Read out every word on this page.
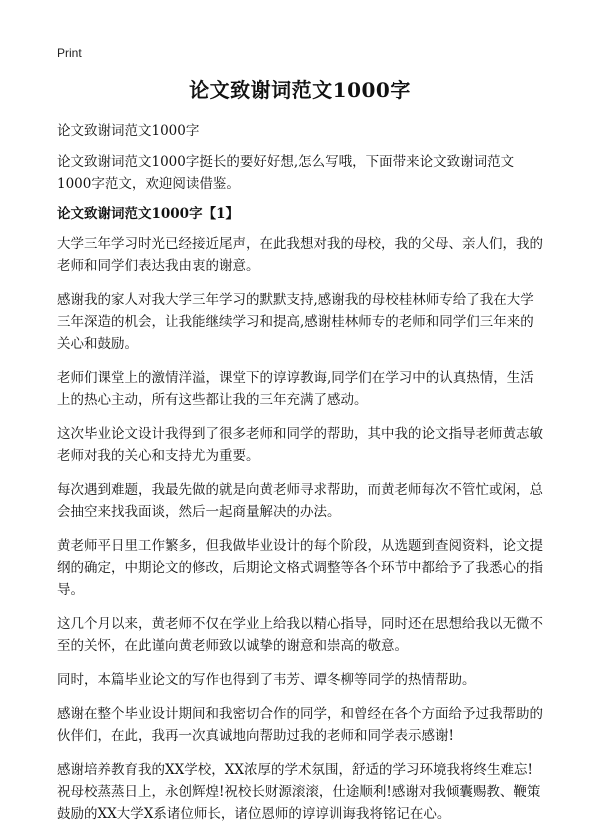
Print
论文致谢词范文1000字

论文致谢词范文1000字

论文致谢词范文1000字挺长的要好好想,怎么写哦，下面带来论文致谢词范文1000字范文，欢迎阅读借鉴。

论文致谢词范文1000字【1】

大学三年学习时光已经接近尾声，在此我想对我的母校，我的父母、亲人们，我的老师和同学们表达我由衷的谢意。

感谢我的家人对我大学三年学习的默默支持,感谢我的母校桂林师专给了我在大学三年深造的机会，让我能继续学习和提高,感谢桂林师专的老师和同学们三年来的关心和鼓励。

老师们课堂上的激情洋溢，课堂下的谆谆教诲,同学们在学习中的认真热情，生活上的热心主动，所有这些都让我的三年充满了感动。

这次毕业论文设计我得到了很多老师和同学的帮助，其中我的论文指导老师黄志敏老师对我的关心和支持尤为重要。

每次遇到难题，我最先做的就是向黄老师寻求帮助，而黄老师每次不管忙或闲，总会抽空来找我面谈，然后一起商量解决的办法。

黄老师平日里工作繁多，但我做毕业设计的每个阶段，从选题到查阅资料，论文提纲的确定，中期论文的修改，后期论文格式调整等各个环节中都给予了我悉心的指导。

这几个月以来，黄老师不仅在学业上给我以精心指导，同时还在思想给我以无微不至的关怀，在此谨向黄老师致以诚挚的谢意和崇高的敬意。

同时，本篇毕业论文的写作也得到了韦芳、谭冬柳等同学的热情帮助。

感谢在整个毕业设计期间和我密切合作的同学，和曾经在各个方面给予过我帮助的伙伴们，在此，我再一次真诚地向帮助过我的老师和同学表示感谢!

感谢培养教育我的XX学校，XX浓厚的学术氛围，舒适的学习环境我将终生难忘!祝母校蒸蒸日上，永创辉煌!祝校长财源滚滚，仕途顺利!感谢对我倾囊赐教、鞭策鼓励的XX大学X系诸位师长，诸位恩师的谆谆训诲我将铭记在心。
